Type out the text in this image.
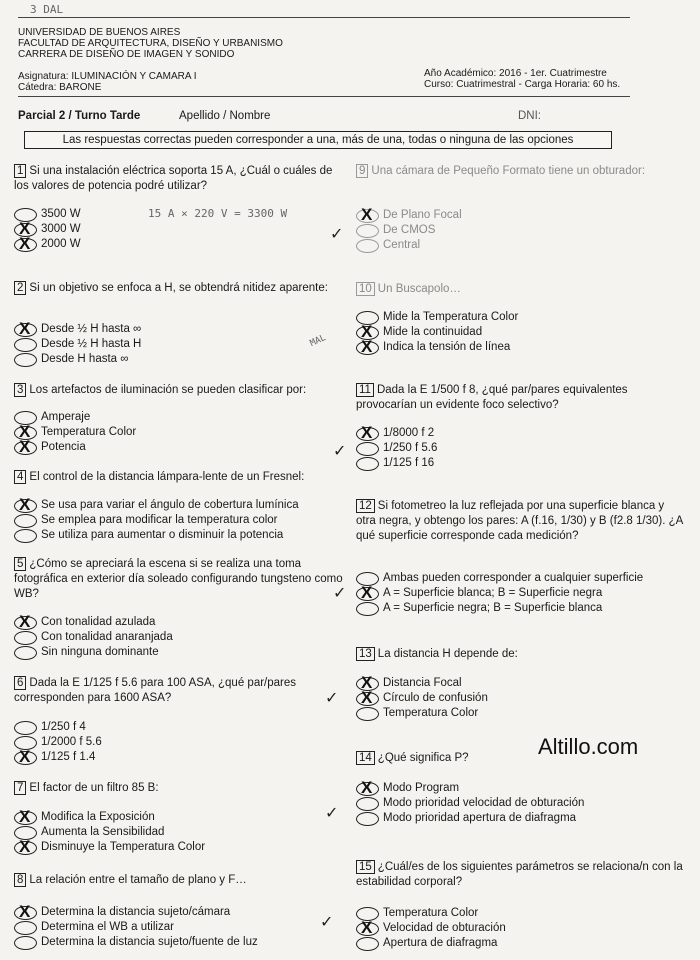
3 DAL
UNIVERSIDAD DE BUENOS AIRES
FACULTAD DE ARQUITECTURA, DISEÑO Y URBANISMO
CARRERA DE DISEÑO DE IMAGEN Y SONIDO
Asignatura: ILUMINACIÓN Y CAMARA I
Cátedra: BARONE
Año Académico: 2016 - 1er. Cuatrimestre
Curso: Cuatrimestral - Carga Horaria: 60 hs.
Parcial 2 / Turno Tarde	Apellido / Nombre	DNI:
Las respuestas correctas pueden corresponder a una, más de una, todas o ninguna de las opciones
1 Si una instalación eléctrica soporta 15 A, ¿Cuál o cuáles de los valores de potencia podré utilizar?
3500 W
X
3000 W
X
2000 W
2 Si un objetivo se enfoca a H, se obtendrá nitidez aparente:
X
Desde ½ H hasta ∞
Desde ½ H hasta H
Desde H hasta ∞
3 Los artefactos de iluminación se pueden clasificar por:
Amperaje
X
Temperatura Color
X
Potencia
4 El control de la distancia lámpara-lente de un Fresnel:
X
Se usa para variar el ángulo de cobertura lumínica
Se emplea para modificar la temperatura color
Se utiliza para aumentar o disminuir la potencia
5 ¿Cómo se apreciará la escena si se realiza una toma fotográfica en exterior día soleado configurando tungsteno como WB?
X
Con tonalidad azulada
Con tonalidad anaranjada
Sin ninguna dominante
6 Dada la E 1/125 f 5.6 para 100 ASA, ¿qué par/pares corresponden para 1600 ASA?
1/250 f 4
1/2000 f 5.6
X
1/125 f 1.4
7 El factor de un filtro 85 B:
X
Modifica la Exposición
Aumenta la Sensibilidad
X
Disminuye la Temperatura Color
8 La relación entre el tamaño de plano y F…
X
Determina la distancia sujeto/cámara
Determina el WB a utilizar
Determina la distancia sujeto/fuente de luz
9 Una cámara de Pequeño Formato tiene un obturador:
X
De Plano Focal
De CMOS
Central
10 Un Buscapolo…
Mide la Temperatura Color
X
Mide la continuidad
X
Indica la tensión de línea
11 Dada la E 1/500 f 8, ¿qué par/pares equivalentes provocarían un evidente foco selectivo?
X
1/8000 f 2
1/250 f 5.6
1/125 f 16
12 Si fotometreo la luz reflejada por una superficie blanca y otra negra, y obtengo los pares: A (f.16, 1/30) y B (f2.8 1/30). ¿A qué superficie corresponde cada medición?
Ambas pueden corresponder a cualquier superficie
X
A = Superficie blanca; B = Superficie negra
A = Superficie negra; B = Superficie blanca
13 La distancia H depende de:
X
Distancia Focal
X
Círculo de confusión
Temperatura Color
14 ¿Qué significa P?
X
Modo Program
Modo prioridad velocidad de obturación
Modo prioridad apertura de diafragma
15 ¿Cuál/es de los siguientes parámetros se relaciona/n con la estabilidad corporal?
Temperatura Color
X
Velocidad de obturación
Apertura de diafragma
15 A × 220 V = 3300 W
MAL
✓
✓
✓
✓
✓
✓
Altillo.com
